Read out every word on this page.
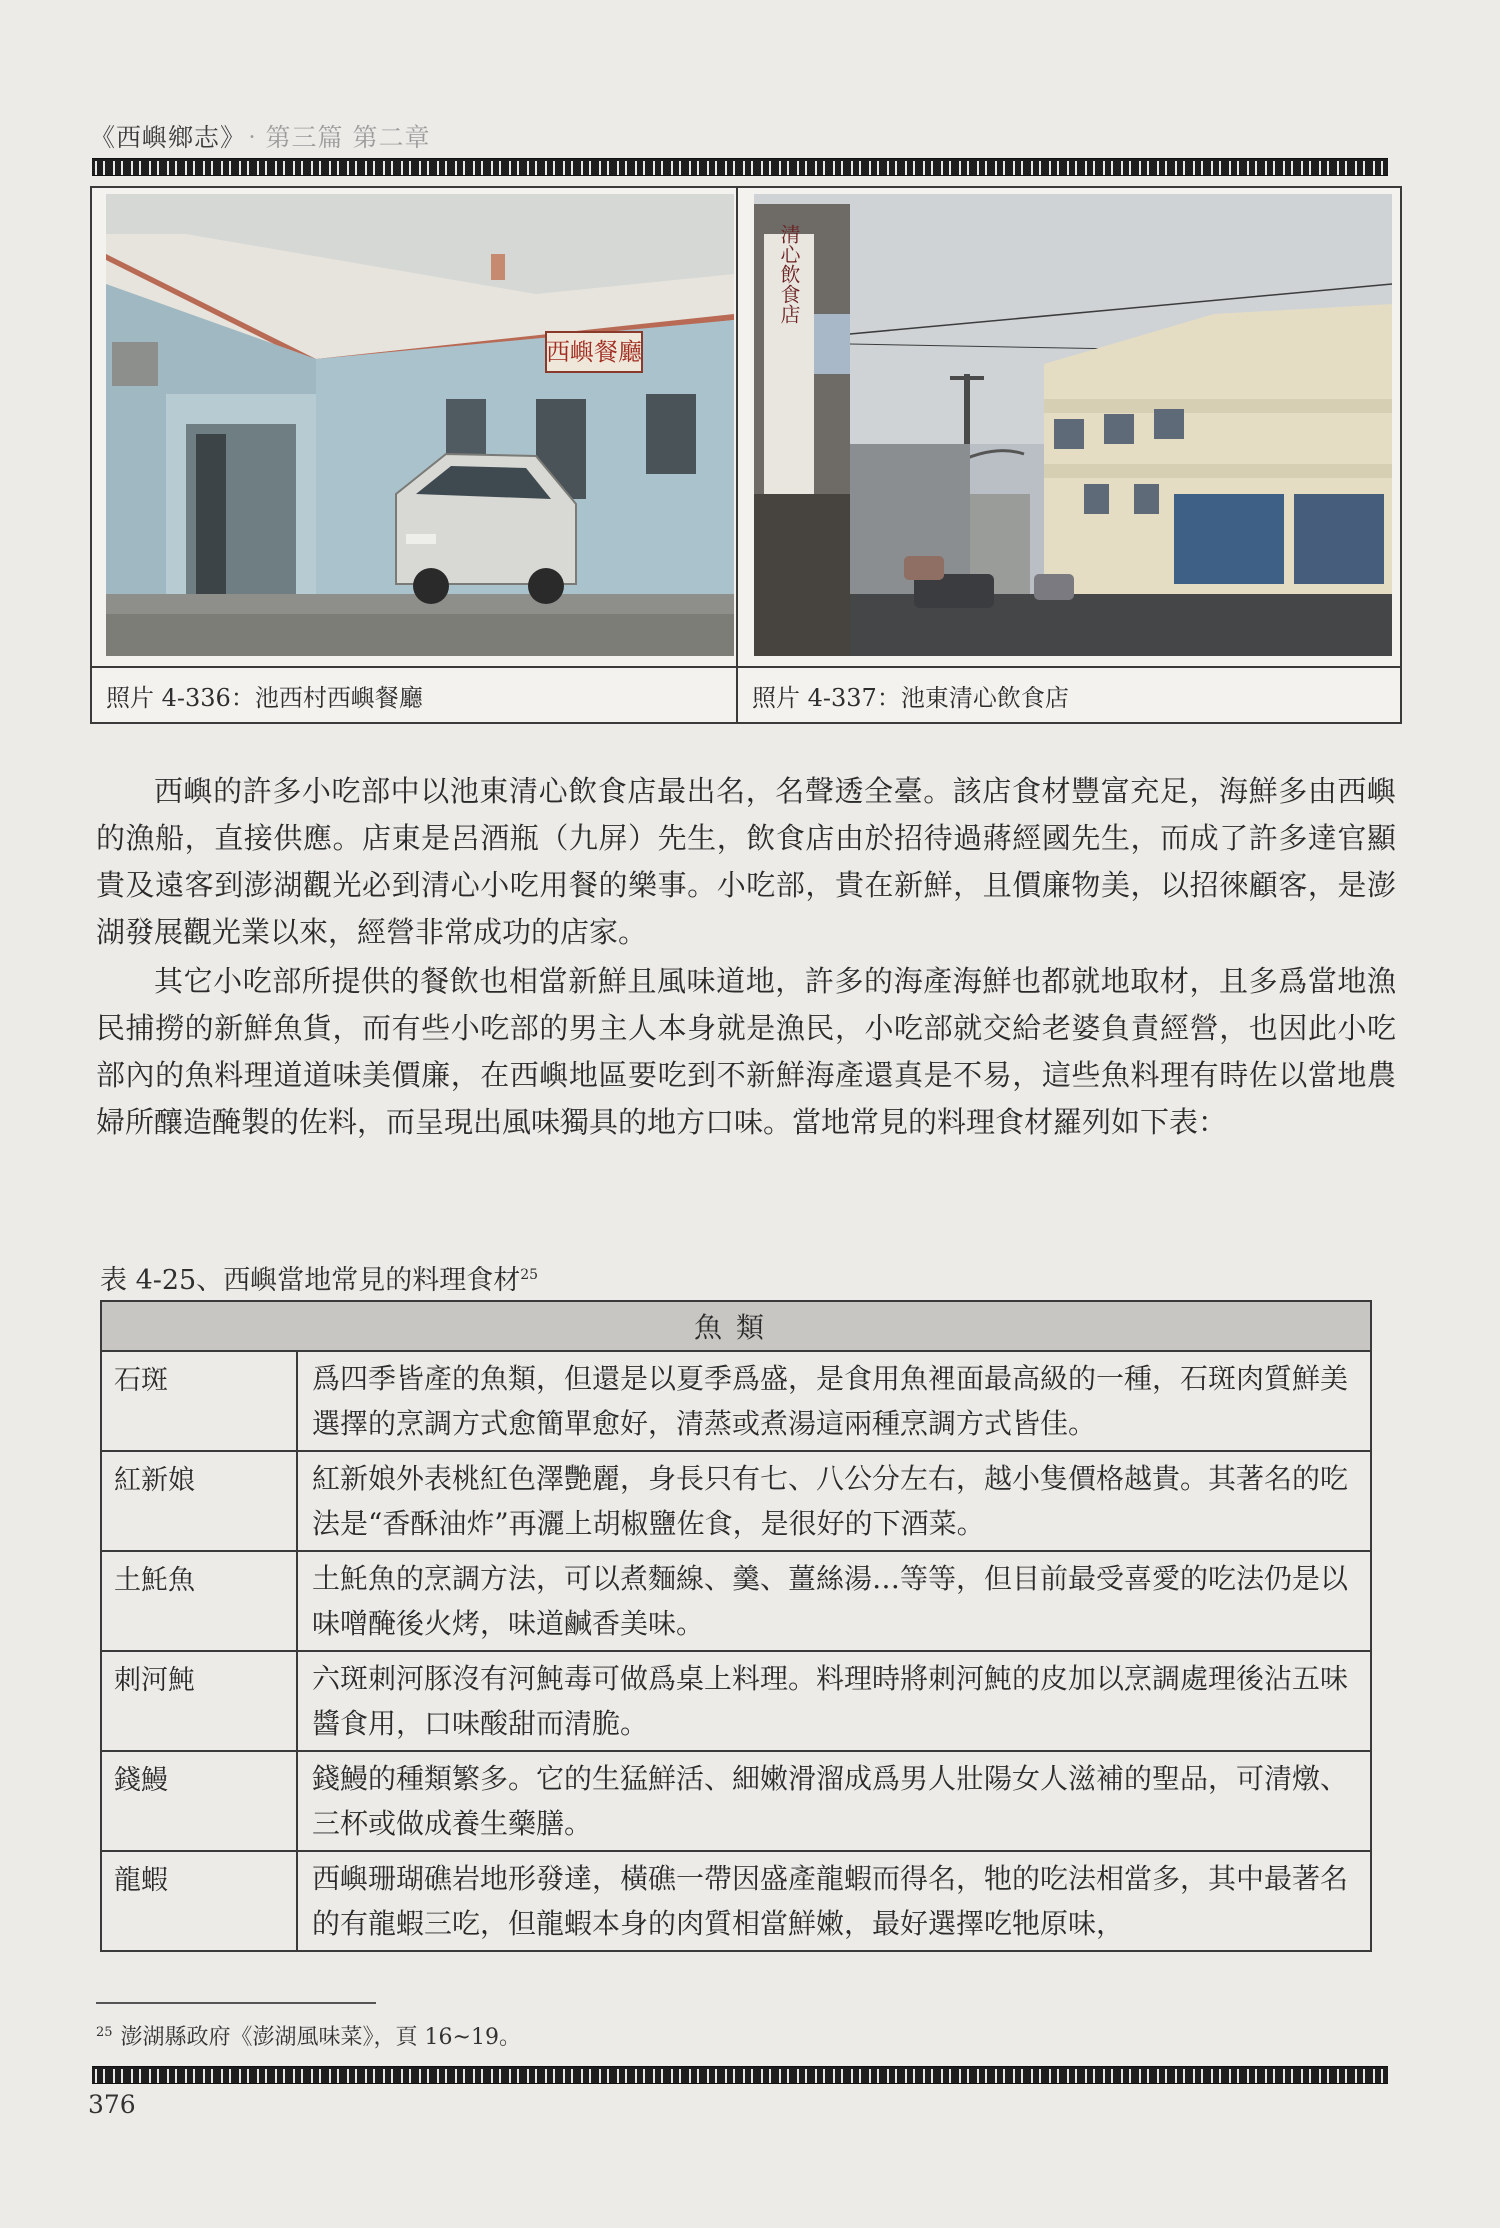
《西嶼鄉志》 ‧第三篇 第二章
西嶼餐廳
清心飲食店
照片 4-336：池西村西嶼餐廳	照片 4-337：池東清心飲食店

西嶼的許多小吃部中以池東清心飲食店最出名，名聲透全臺。該店食材豐富充足，海鮮多由西嶼的漁船，直接供應。店東是呂酒瓶（九屏）先生，飲食店由於招待過蔣經國先生，而成了許多達官顯貴及遠客到澎湖觀光必到清心小吃用餐的樂事。小吃部，貴在新鮮，且價廉物美，以招徠顧客，是澎湖發展觀光業以來，經營非常成功的店家。

其它小吃部所提供的餐飲也相當新鮮且風味道地，許多的海產海鮮也都就地取材，且多爲當地漁民捕撈的新鮮魚貨，而有些小吃部的男主人本身就是漁民，小吃部就交給老婆負責經營，也因此小吃部內的魚料理道道味美價廉，在西嶼地區要吃到不新鮮海產還真是不易，這些魚料理有時佐以當地農婦所釀造醃製的佐料，而呈現出風味獨具的地方口味。當地常見的料理食材羅列如下表：

表 4-25、西嶼當地常見的料理食材$^{25}$
魚類	
石斑	爲四季皆產的魚類，但還是以夏季爲盛，是食用魚裡面最高級的一種，石斑肉質鮮美選擇的烹調方式愈簡單愈好，清蒸或煮湯這兩種烹調方式皆佳。
紅新娘	紅新娘外表桃紅色澤艷麗，身長只有七、八公分左右，越小隻價格越貴。其著名的吃法是“香酥油炸”再灑上胡椒鹽佐食，是很好的下酒菜。
土魠魚	土魠魚的烹調方法，可以煮麵線、羹、薑絲湯…等等，但目前最受喜愛的吃法仍是以味噌醃後火烤，味道鹹香美味。
刺河魨	六斑刺河豚沒有河魨毒可做爲桌上料理。料理時將刺河魨的皮加以烹調處理後沾五味醬食用，口味酸甜而清脆。
錢鰻	錢鰻的種類繁多。它的生猛鮮活、細嫩滑溜成爲男人壯陽女人滋補的聖品，可清燉、三杯或做成養生藥膳。
龍蝦	西嶼珊瑚礁岩地形發達，橫礁一帶因盛產龍蝦而得名，牠的吃法相當多，其中最著名的有龍蝦三吃，但龍蝦本身的肉質相當鮮嫩，最好選擇吃牠原味，
$^{25}$ 澎湖縣政府《澎湖風味菜》，頁 16~19。
376
